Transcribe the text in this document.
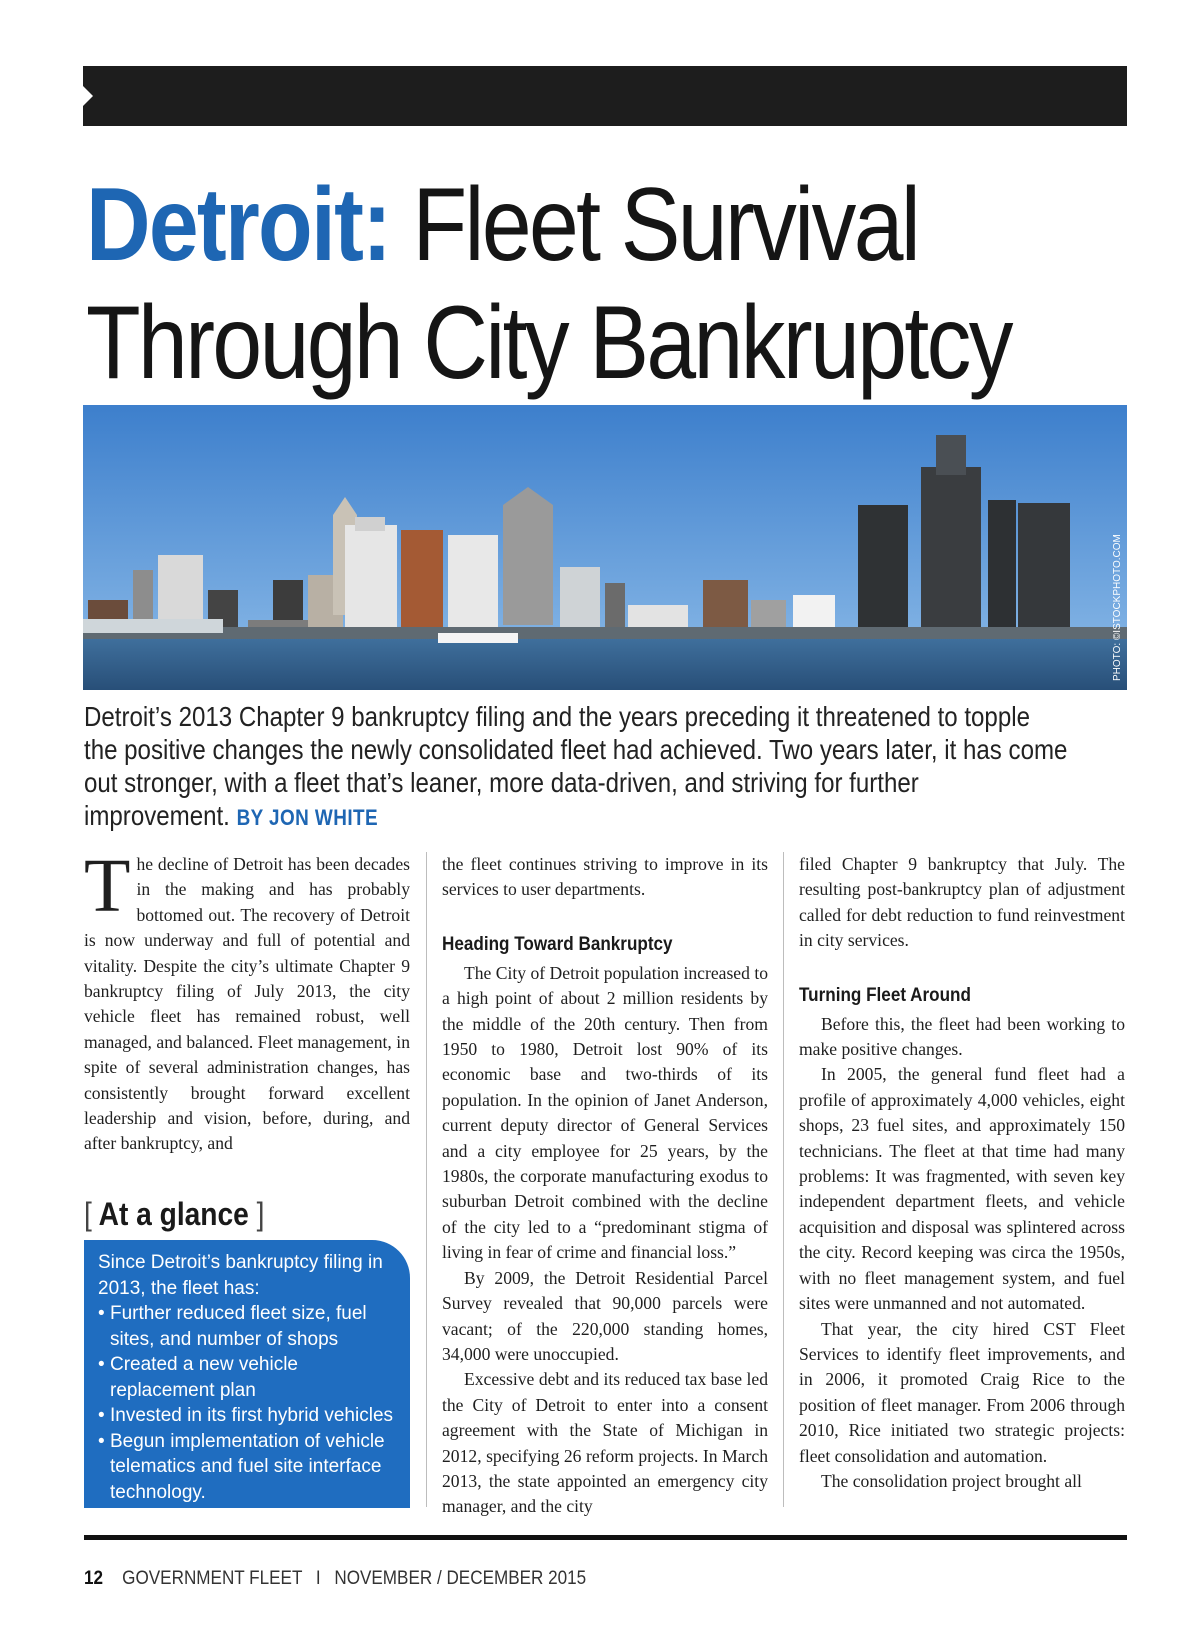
Detroit: Fleet Survival
Through City Bankruptcy
PHOTO: ©ISTOCKPHOTO.COM

Detroit’s 2013 Chapter 9 bankruptcy filing and the years preceding it threatened to topple the positive changes the newly consolidated fleet had achieved. Two years later, it has come out stronger, with a fleet that’s leaner, more data-driven, and striving for further improvement. BY JON WHITE

The decline of Detroit has been decades in the making and has probably bottomed out. The recovery of Detroit is now underway and full of potential and vitality. Despite the city’s ultimate Chapter 9 bankruptcy filing of July 2013, the city vehicle fleet has remained robust, well managed, and balanced. Fleet management, in spite of several administration changes, has consistently brought forward excellent leadership and vision, before, during, and after bankruptcy, and

the fleet continues striving to improve in its services to user departments.

Heading Toward Bankruptcy

The City of Detroit population increased to a high point of about 2 million residents by the middle of the 20th century. Then from 1950 to 1980, Detroit lost 90% of its economic base and two-thirds of its population. In the opinion of Janet Anderson, current deputy director of General Services and a city employee for 25 years, by the 1980s, the corporate manufacturing exodus to suburban Detroit combined with the decline of the city led to a “predominant stigma of living in fear of crime and financial loss.”

By 2009, the Detroit Residential Parcel Survey revealed that 90,000 parcels were vacant; of the 220,000 standing homes, 34,000 were unoccupied.

Excessive debt and its reduced tax base led the City of Detroit to enter into a consent agreement with the State of Michigan in 2012, specifying 26 reform projects. In March 2013, the state appointed an emergency city manager, and the city

filed Chapter 9 bankruptcy that July. The resulting post-bankruptcy plan of adjustment called for debt reduction to fund reinvestment in city services.

Turning Fleet Around

Before this, the fleet had been working to make positive changes.

In 2005, the general fund fleet had a profile of approximately 4,000 vehicles, eight shops, 23 fuel sites, and approximately 150 technicians. The fleet at that time had many problems: It was fragmented, with seven key independent department fleets, and vehicle acquisition and disposal was splintered across the city. Record keeping was circa the 1950s, with no fleet management system, and fuel sites were unmanned and not automated.

That year, the city hired CST Fleet Services to identify fleet improvements, and in 2006, it promoted Craig Rice to the position of fleet manager. From 2006 through 2010, Rice initiated two strategic projects: fleet consolidation and automation.

The consolidation project brought all

[ At a glance ]

Since Detroit’s bankruptcy filing in 2013, the fleet has:

• Further reduced fleet size, fuel sites, and number of shops
• Created a new vehicle replacement plan
• Invested in its first hybrid vehicles
• Begun implementation of vehicle telematics and fuel site interface technology.
12 GOVERNMENT FLEET I NOVEMBER / DECEMBER 2015
